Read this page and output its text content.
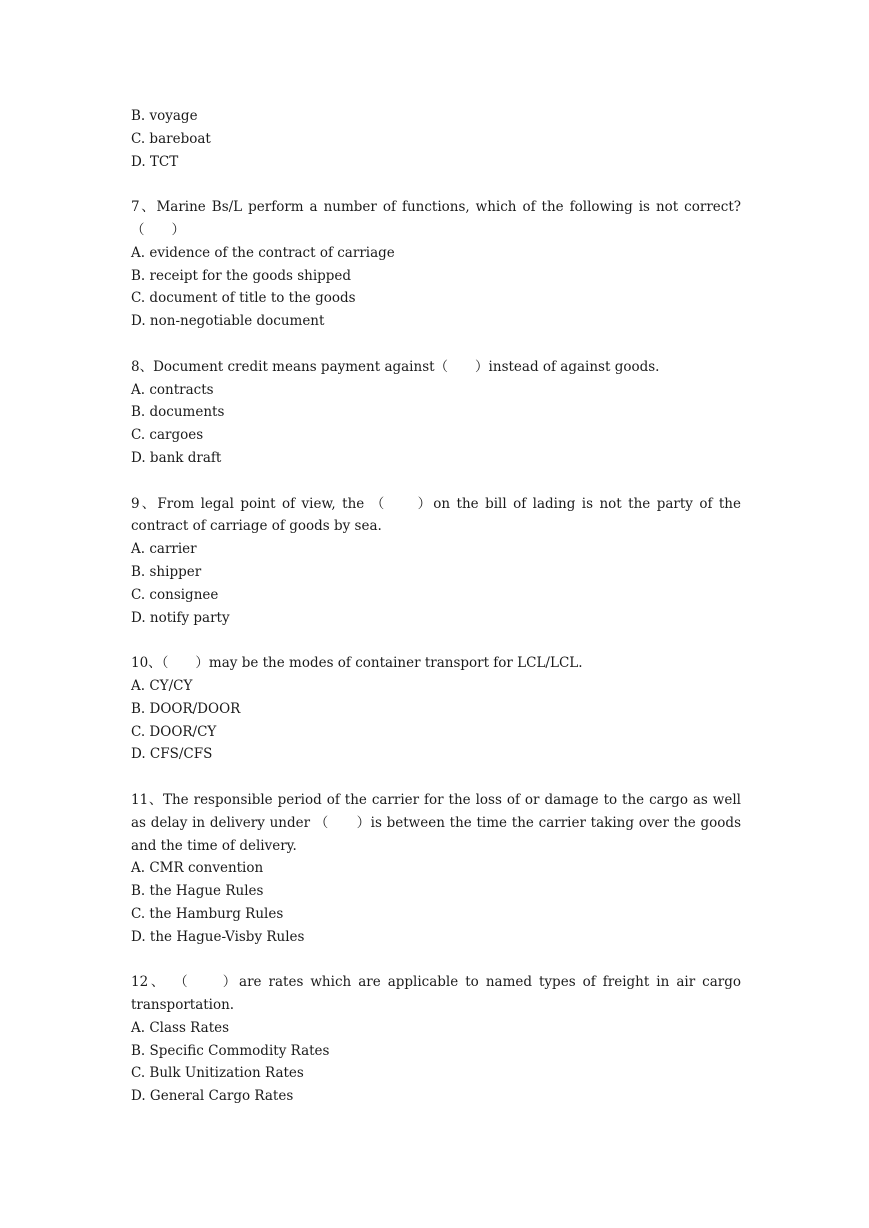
B. voyage
C. bareboat
D. TCT
7、Marine Bs/L perform a number of functions, which of the following is not correct? （　　）
A. evidence of the contract of carriage
B. receipt for the goods shipped
C. document of title to the goods
D. non-negotiable document
8、Document credit means payment against（　　）instead of against goods.
A. contracts
B. documents
C. cargoes
D. bank draft
9、From legal point of view, the （　　）on the bill of lading is not the party of the contract of carriage of goods by sea.
A. carrier
B. shipper
C. consignee
D. notify party
10、（　　）may be the modes of container transport for LCL/LCL.
A. CY/CY
B. DOOR/DOOR
C. DOOR/CY
D. CFS/CFS
11、The responsible period of the carrier for the loss of or damage to the cargo as well as delay in delivery under （　　）is between the time the carrier taking over the goods and the time of delivery.
A. CMR convention
B. the Hague Rules
C. the Hamburg Rules
D. the Hague-Visby Rules
12、 （　　）are rates which are applicable to named types of freight in air cargo transportation.
A. Class Rates
B. Specific Commodity Rates
C. Bulk Unitization Rates
D. General Cargo Rates
